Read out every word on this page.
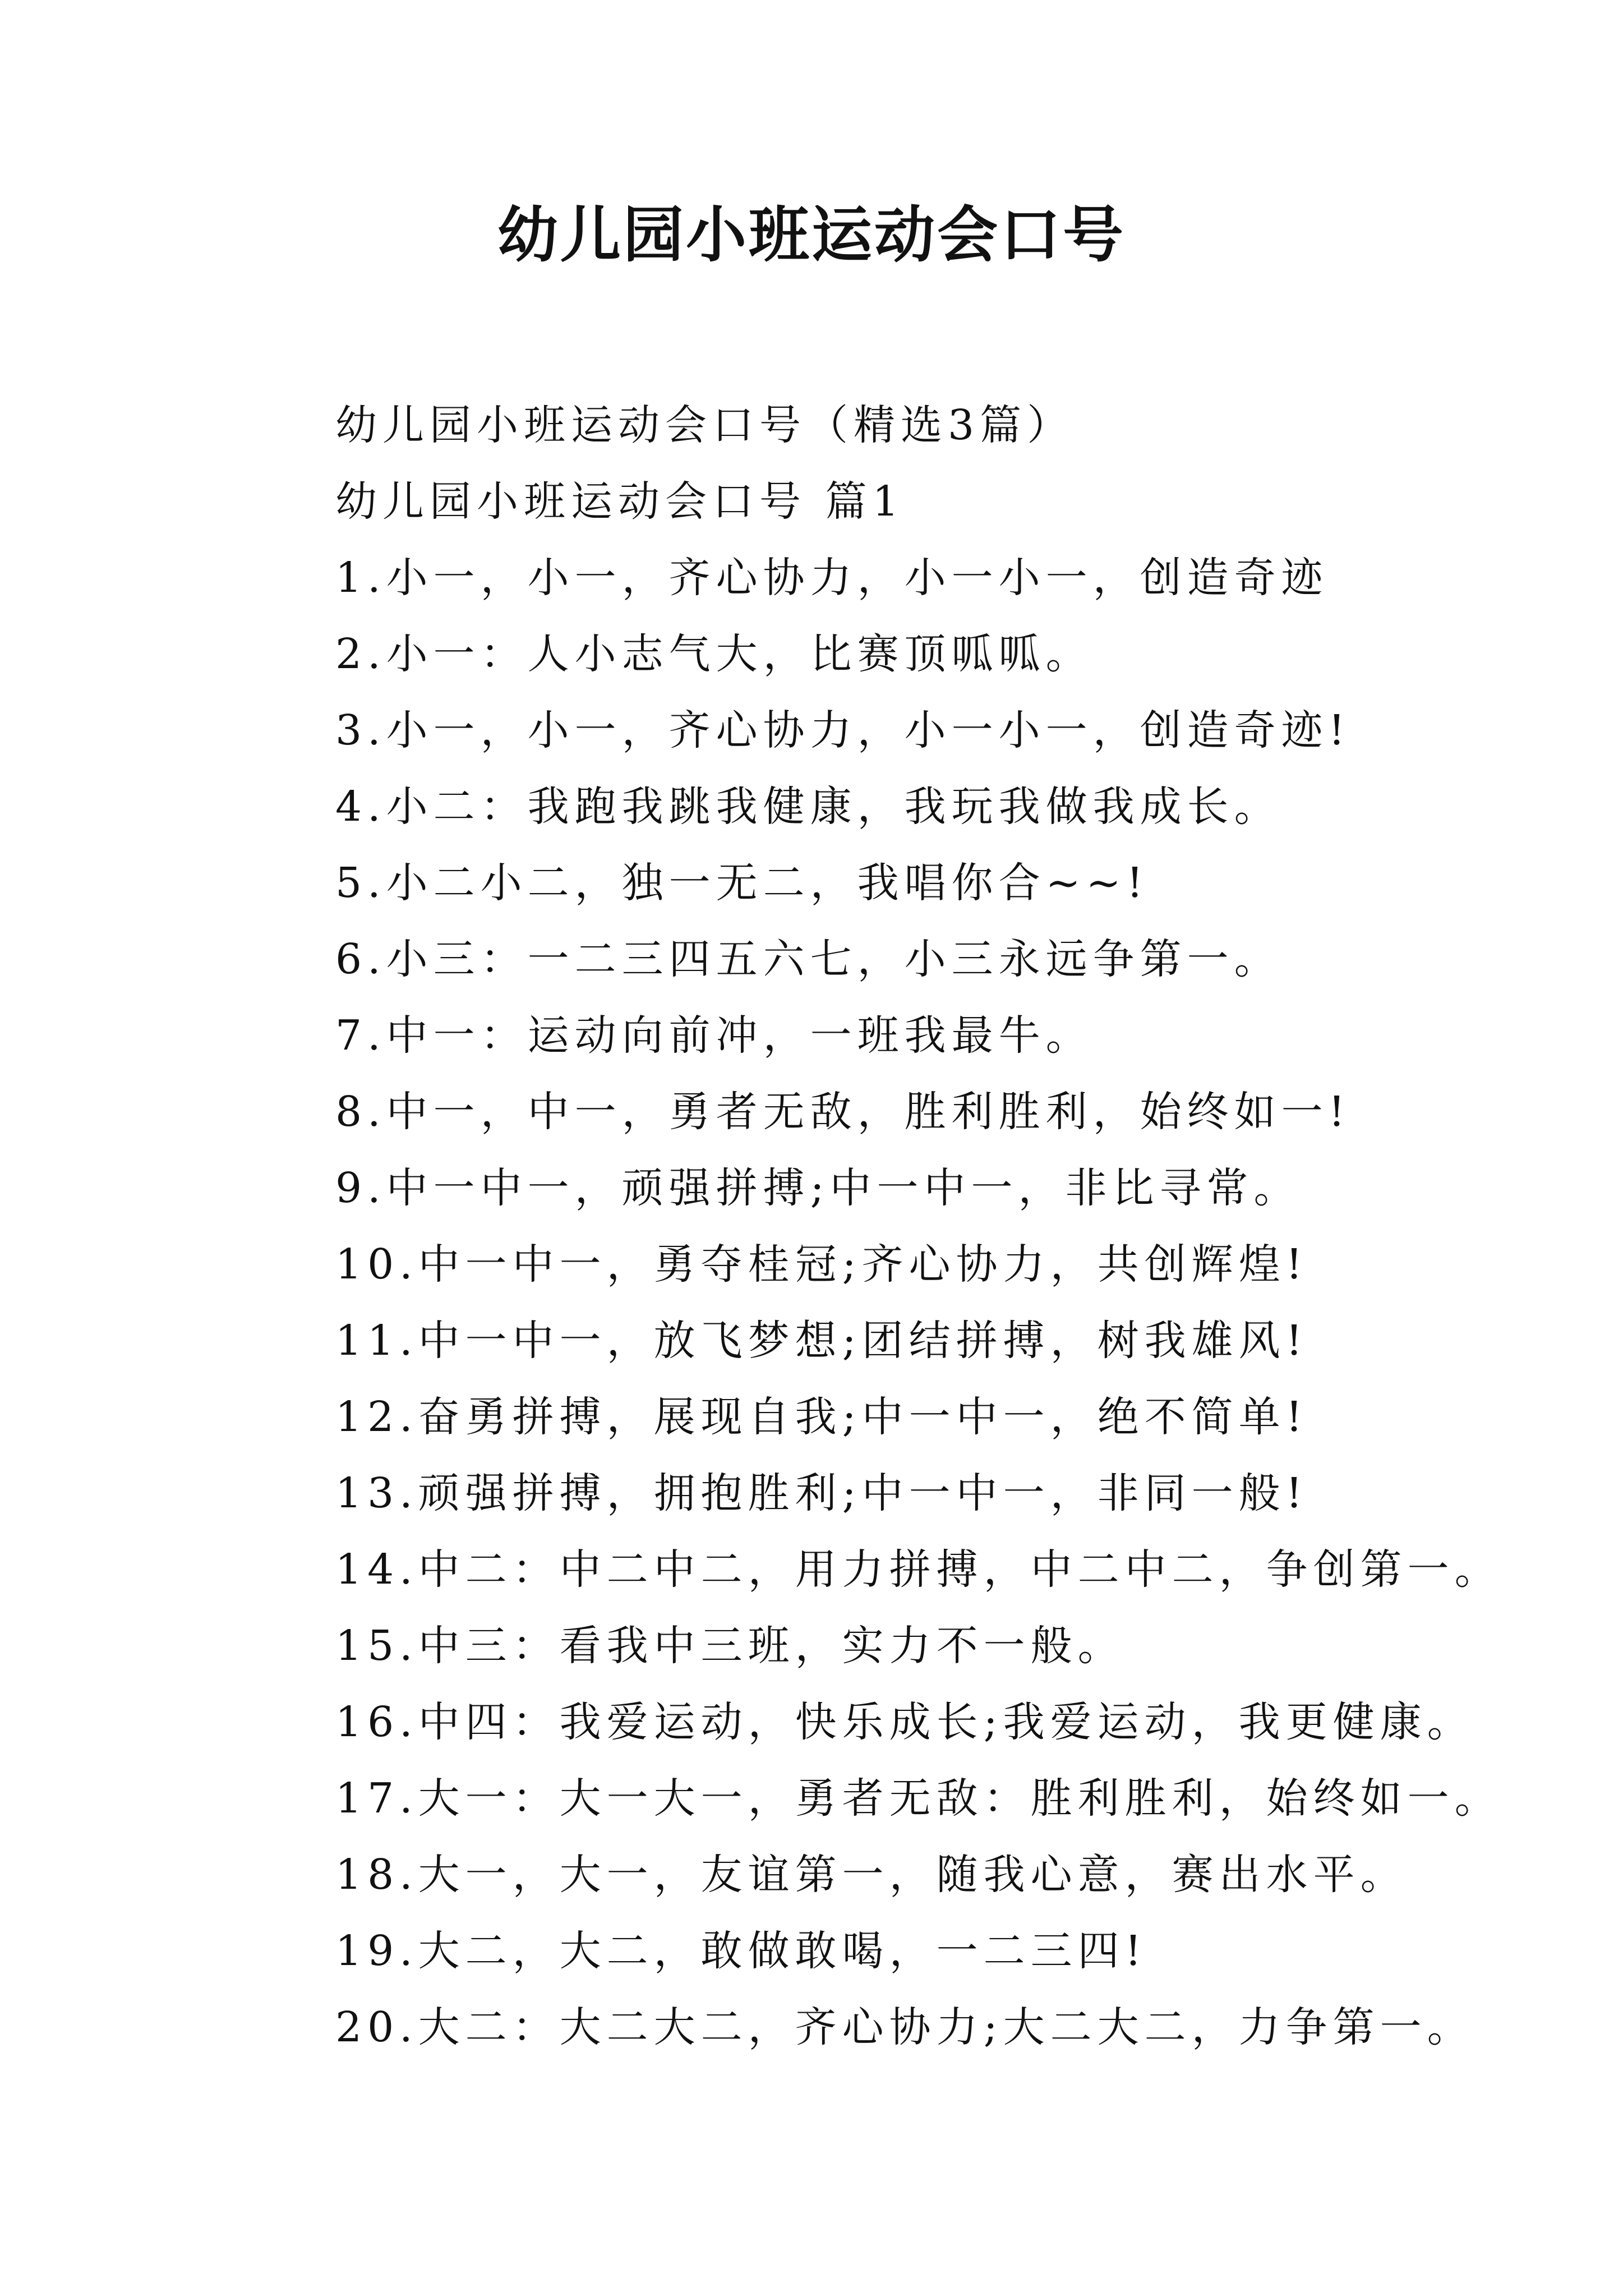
幼儿园小班运动会口号

幼儿园小班运动会口号（精选3篇）

幼儿园小班运动会口号 篇1

1.小一，小一，齐心协力，小一小一，创造奇迹

2.小一：人小志气大，比赛顶呱呱。

3.小一，小一，齐心协力，小一小一，创造奇迹!

4.小二：我跑我跳我健康，我玩我做我成长。

5.小二小二，独一无二，我唱你合~~!

6.小三：一二三四五六七，小三永远争第一。

7.中一：运动向前冲，一班我最牛。

8.中一，中一，勇者无敌，胜利胜利，始终如一!

9.中一中一，顽强拼搏;中一中一，非比寻常。

10.中一中一，勇夺桂冠;齐心协力，共创辉煌!

11.中一中一，放飞梦想;团结拼搏，树我雄风!

12.奋勇拼搏，展现自我;中一中一，绝不简单!

13.顽强拼搏，拥抱胜利;中一中一，非同一般!

14.中二：中二中二，用力拼搏，中二中二，争创第一。

15.中三：看我中三班，实力不一般。

16.中四：我爱运动，快乐成长;我爱运动，我更健康。

17.大一：大一大一，勇者无敌：胜利胜利，始终如一。

18.大一，大一，友谊第一，随我心意，赛出水平。

19.大二，大二，敢做敢喝，一二三四!

20.大二：大二大二，齐心协力;大二大二，力争第一。
